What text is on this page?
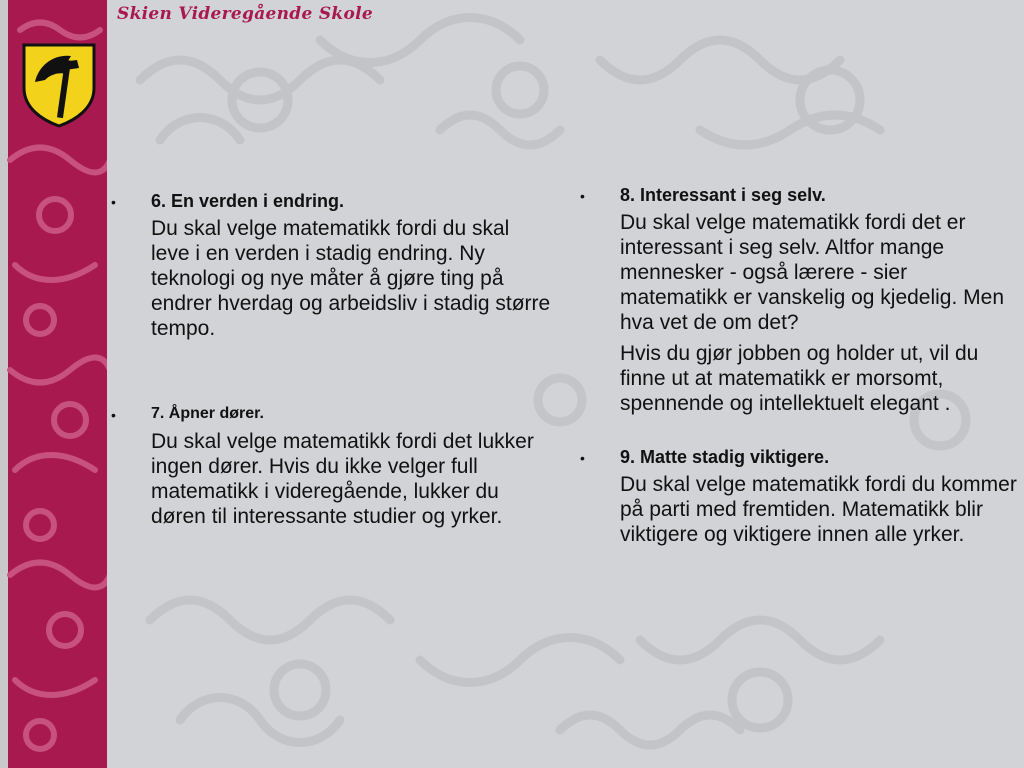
Skien Videregående Skole
•	6. En verden i endring.
Du skal velge matematikk fordi du skal leve i en verden i stadig endring. Ny teknologi og nye måter å gjøre ting på endrer hverdag og arbeidsliv i stadig større tempo.
•	7. Åpner dører.
Du skal velge matematikk fordi det lukker ingen dører. Hvis du ikke velger full matematikk i videregående, lukker du døren til interessante studier og yrker.
•	8. Interessant i seg selv.
Du skal velge matematikk fordi det er interessant i seg selv. Altfor mange mennesker - også lærere - sier matematikk er vanskelig og kjedelig. Men hva vet de om det?
Hvis du gjør jobben og holder ut, vil du finne ut at matematikk er morsomt, spennende og intellektuelt elegant .
•	9. Matte stadig viktigere.
Du skal velge matematikk fordi du kommer på parti med fremtiden. Matematikk blir viktigere og viktigere innen alle yrker.
